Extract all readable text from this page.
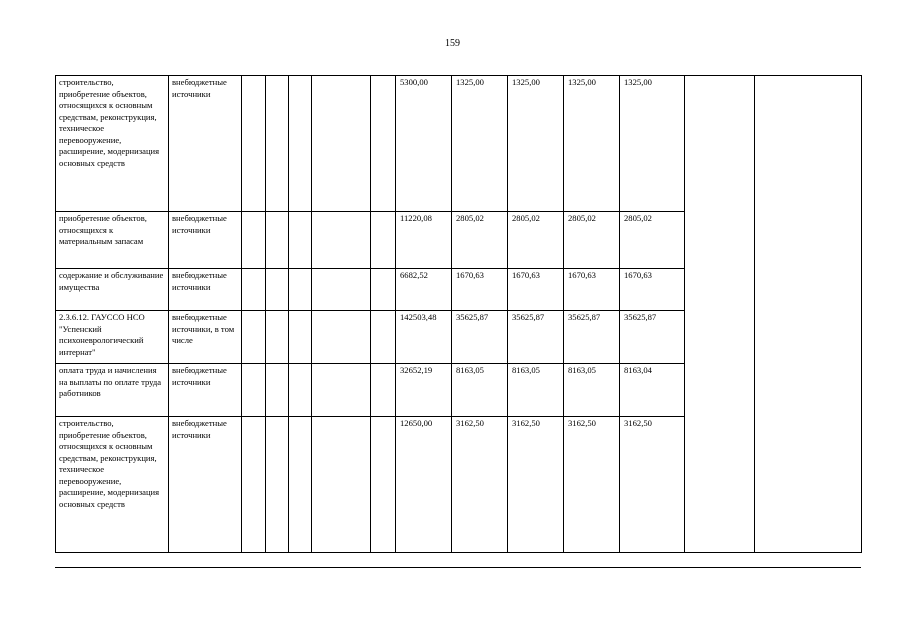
159
строительство, приобретение объектов, относящихся к основным средствам, реконструкция, техническое перевооружение, расширение, модернизация основных средств	внебюджетные источники						5300,00	1325,00	1325,00	1325,00	1325,00		
приобретение объектов, относящихся к материальным запасам	внебюджетные источники						11220,08	2805,02	2805,02	2805,02	2805,02		
содержание и обслуживание имущества	внебюджетные источники						6682,52	1670,63	1670,63	1670,63	1670,63		
2.3.6.12. ГАУССО НСО "Успенский психоневрологический интернат"	внебюджетные источники, в том числе						142503,48	35625,87	35625,87	35625,87	35625,87		
оплата труда и начисления на выплаты по оплате труда работников	внебюджетные источники						32652,19	8163,05	8163,05	8163,05	8163,04		
строительство, приобретение объектов, относящихся к основным средствам, реконструкция, техническое перевооружение, расширение, модернизация основных средств	внебюджетные источники						12650,00	3162,50	3162,50	3162,50	3162,50		
